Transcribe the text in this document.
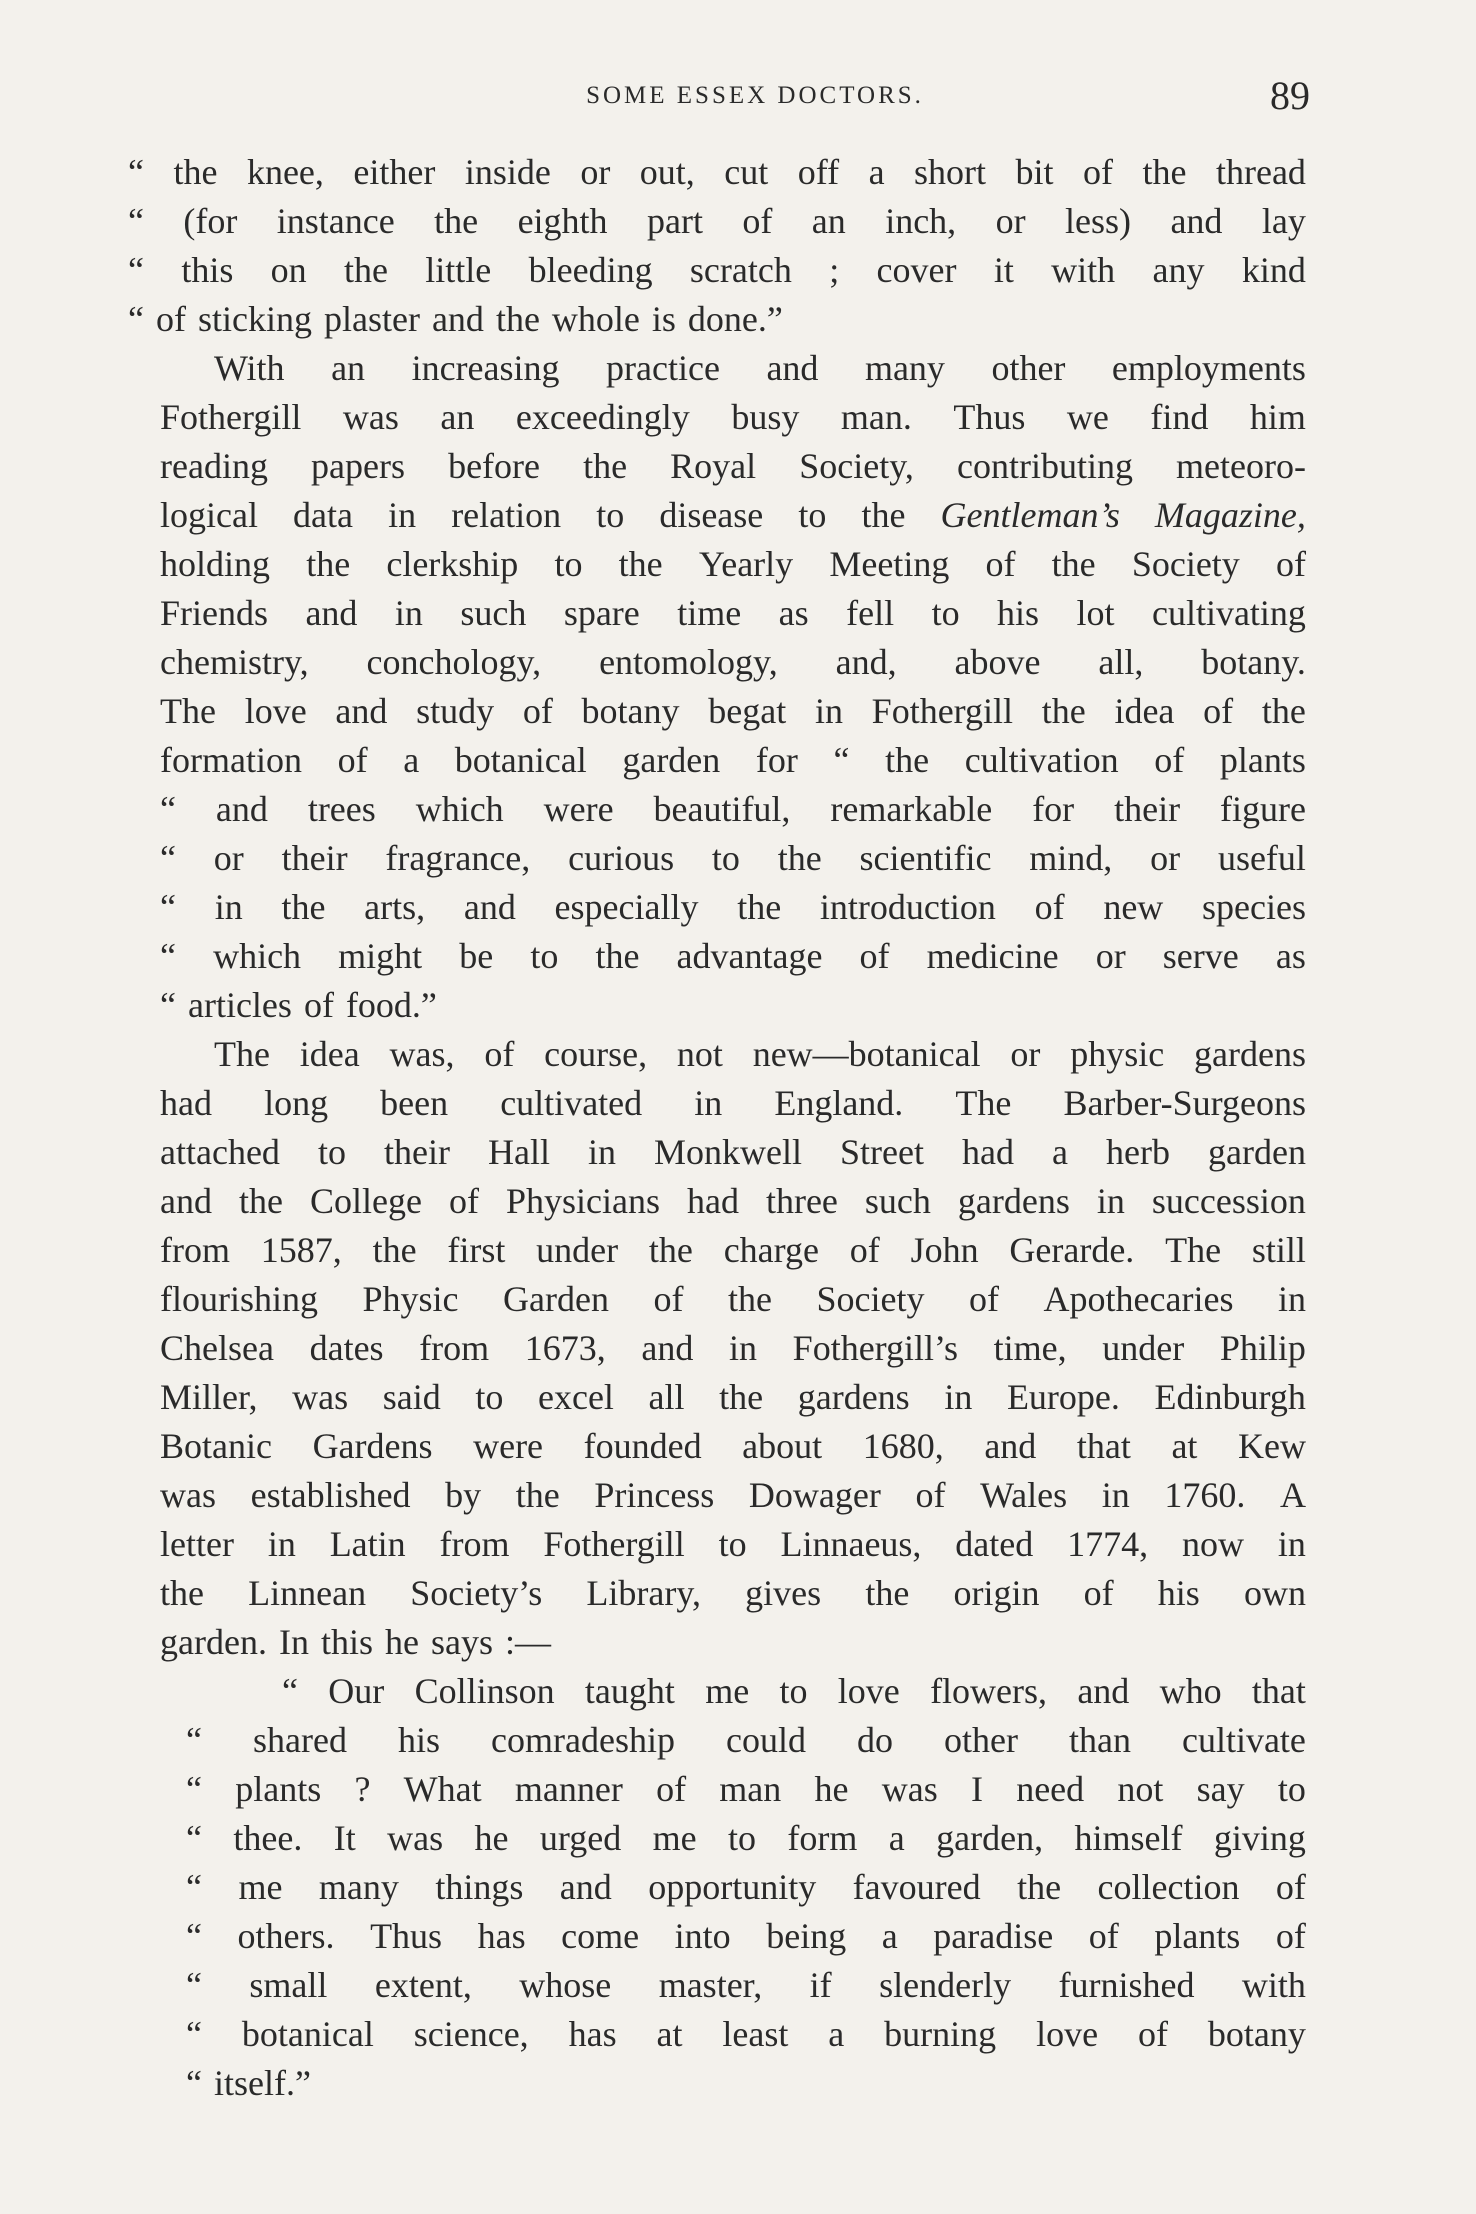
SOME ESSEX DOCTORS.	89
“ the knee, either inside or out, cut off a short bit of the thread
“ (for instance the eighth part of an inch, or less) and lay
“ this on the little bleeding scratch ; cover it with any kind
“ of sticking plaster and the whole is done.”
With an increasing practice and many other employments
Fothergill was an exceedingly busy man. Thus we find him
reading papers before the Royal Society, contributing meteoro-
logical data in relation to disease to the Gentleman’s Magazine,
holding the clerkship to the Yearly Meeting of the Society of
Friends and in such spare time as fell to his lot cultivating
chemistry, conchology, entomology, and, above all, botany.
The love and study of botany begat in Fothergill the idea of the
formation of a botanical garden for “ the cultivation of plants
“ and trees which were beautiful, remarkable for their figure
“ or their fragrance, curious to the scientific mind, or useful
“ in the arts, and especially the introduction of new species
“ which might be to the advantage of medicine or serve as
“ articles of food.”
The idea was, of course, not new—botanical or physic gardens
had long been cultivated in England. The Barber-Surgeons
attached to their Hall in Monkwell Street had a herb garden
and the College of Physicians had three such gardens in succession
from 1587, the first under the charge of John Gerarde. The still
flourishing Physic Garden of the Society of Apothecaries in
Chelsea dates from 1673, and in Fothergill’s time, under Philip
Miller, was said to excel all the gardens in Europe. Edinburgh
Botanic Gardens were founded about 1680, and that at Kew
was established by the Princess Dowager of Wales in 1760. A
letter in Latin from Fothergill to Linnaeus, dated 1774, now in
the Linnean Society’s Library, gives the origin of his own
garden. In this he says :—
“ Our Collinson taught me to love flowers, and who that
“ shared his comradeship could do other than cultivate
“ plants ? What manner of man he was I need not say to
“ thee. It was he urged me to form a garden, himself giving
“ me many things and opportunity favoured the collection of
“ others. Thus has come into being a paradise of plants of
“ small extent, whose master, if slenderly furnished with
“ botanical science, has at least a burning love of botany
“ itself.”
